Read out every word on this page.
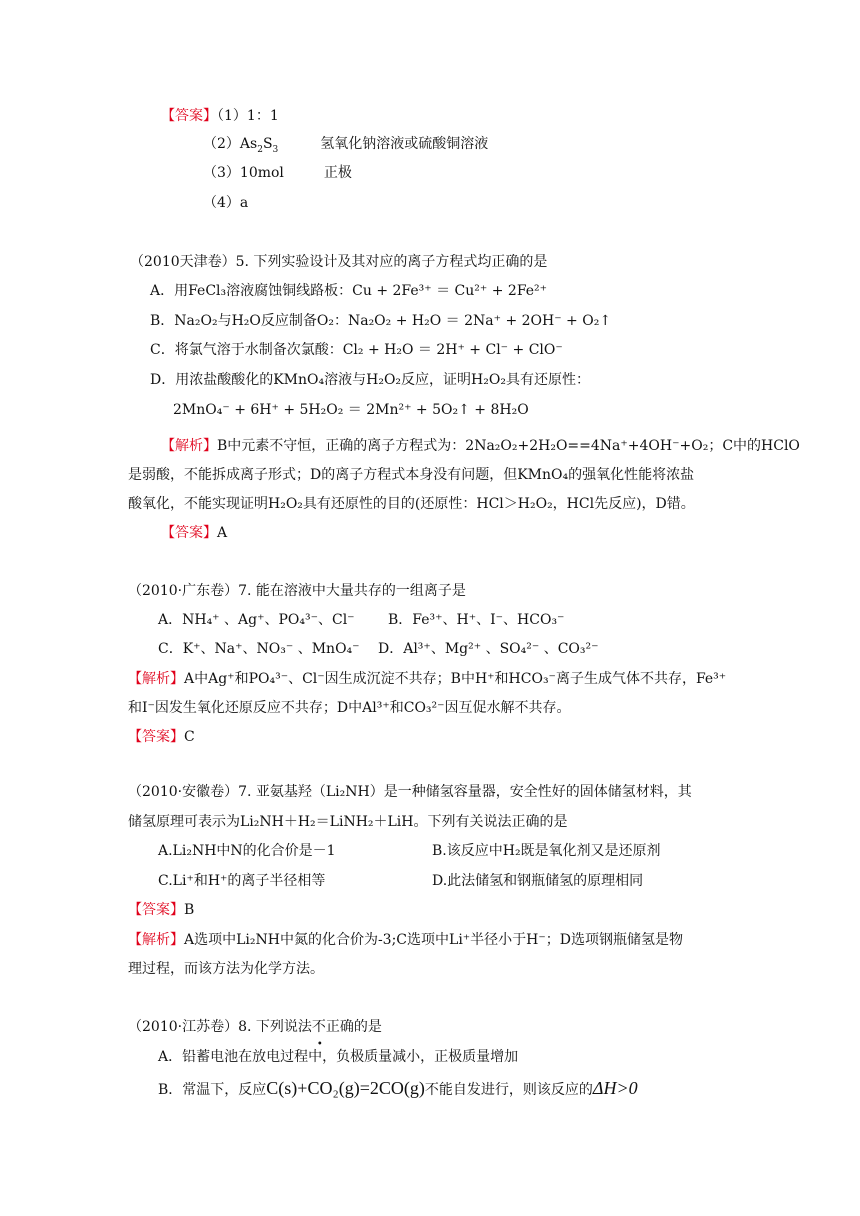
【答案】（1）1：1
$(2)As_2S_3$	氢氧化钠溶液或硫酸铜溶液
（3）10mol	正极
（4）a
（2010天津卷）5. 下列实验设计及其对应的离子方程式均正确的是
A．用FeCl₃溶液腐蚀铜线路板：Cu + 2Fe³⁺ ＝ Cu²⁺ + 2Fe²⁺
B．Na₂O₂与H₂O反应制备O₂：Na₂O₂ + H₂O ＝ 2Na⁺ + 2OH⁻ + O₂↑
C．将氯气溶于水制备次氯酸：Cl₂ + H₂O ＝ 2H⁺ + Cl⁻ + ClO⁻
D．用浓盐酸酸化的KMnO₄溶液与H₂O₂反应，证明H₂O₂具有还原性：
2MnO₄⁻ + 6H⁺ + 5H₂O₂ ＝ 2Mn²⁺ + 5O₂↑ + 8H₂O
【解析】B中元素不守恒，正确的离子方程式为：2Na₂O₂+2H₂O==4Na⁺+4OH⁻+O₂；C中的HClO
是弱酸，不能拆成离子形式；D的离子方程式本身没有问题，但KMnO₄的强氧化性能将浓盐
酸氧化，不能实现证明H₂O₂具有还原性的目的(还原性：HCl＞H₂O₂，HCl先反应)，D错。
【答案】A
（2010·广东卷）7. 能在溶液中大量共存的一组离子是
A．NH₄⁺ 、Ag⁺、PO₄³⁻、Cl⁻ B．Fe³⁺、H⁺、I⁻、HCO₃⁻
C．K⁺、Na⁺、NO₃⁻ 、MnO₄⁻ D．Al³⁺、Mg²⁺ 、SO₄²⁻ 、CO₃²⁻
【解析】A中Ag⁺和PO₄³⁻、Cl⁻因生成沉淀不共存；B中H⁺和HCO₃⁻离子生成气体不共存，Fe³⁺
和I⁻因发生氧化还原反应不共存；D中Al³⁺和CO₃²⁻因互促水解不共存。
【答案】C
（2010·安徽卷）7. 亚氨基羟（Li₂NH）是一种储氢容量器，安全性好的固体储氢材料，其
储氢原理可表示为Li₂NH＋H₂＝LiNH₂＋LiH。下列有关说法正确的是
A.Li₂NH中N的化合价是－1	B.该反应中H₂既是氧化剂又是还原剂
C.Li⁺和H⁺的离子半径相等	D.此法储氢和钢瓶储氢的原理相同
【答案】B
【解析】A选项中Li₂NH中氮的化合价为-3;C选项中Li⁺半径小于H⁻；D选项钢瓶储氢是物
理过程，而该方法为化学方法。
（2010·江苏卷）8. 下列说法不
•
正确的是
A．铅蓄电池在放电过程中，负极质量减小，正极质量增加
B．常温下，反应C(s)+CO₂(g)=2CO(g)不能自发进行，则该反应的ΔH>0
